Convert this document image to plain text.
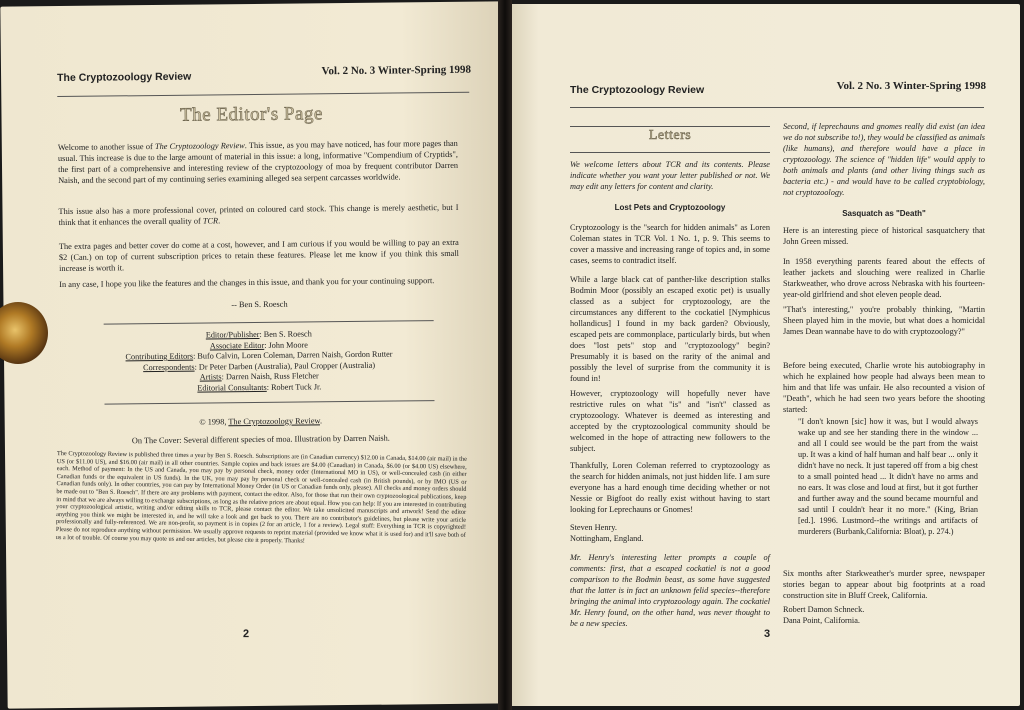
The Cryptozoology Review
Vol. 2 No. 3 Winter-Spring 1998
The Editor's Page
Welcome to another issue of The Cryptozoology Review. This issue, as you may have noticed, has four more pages than usual. This increase is due to the large amount of material in this issue: a long, informative "Compendium of Cryptids", the first part of a comprehensive and interesting review of the cryptozoology of moa by frequent contributor Darren Naish, and the second part of my continuing series examining alleged sea serpent carcasses worldwide.
This issue also has a more professional cover, printed on coloured card stock. This change is merely aesthetic, but I think that it enhances the overall quality of TCR.
The extra pages and better cover do come at a cost, however, and I am curious if you would be willing to pay an extra $2 (Can.) on top of current subscription prices to retain these features. Please let me know if you think this small increase is worth it.
In any case, I hope you like the features and the changes in this issue, and thank you for your continuing support.
-- Ben S. Roesch
Editor/Publisher: Ben S. Roesch
Associate Editor: John Moore
Contributing Editors: Bufo Calvin, Loren Coleman, Darren Naish, Gordon Rutter
Correspondents: Dr Peter Darben (Australia), Paul Cropper (Australia)
Artists: Darren Naish, Russ Fletcher
Editorial Consultants: Robert Tuck Jr.
© 1998, The Cryptozoology Review.
On The Cover: Several different species of moa. Illustration by Darren Naish.
The Cryptozoology Review is published three times a year by Ben S. Roesch. Subscriptions are (in Canadian currency) $12.00 in Canada, $14.00 (air mail) in the US (or $11.00 US), and $16.00 (air mail) in all other countries. Sample copies and back issues are $4.00 (Canadian) in Canada, $6.00 (or $4.00 US) elsewhere, each. Method of payment: In the US and Canada, you may pay by personal check, money order (International MO in US), or well-concealed cash (in either Canadian funds or the equivalent in US funds). In the UK, you may pay by personal check or well-concealed cash (in British pounds), or by IMO (US or Canadian funds only). In other countries, you can pay by International Money Order (in US or Canadian funds only, please). All checks and money orders should be made out to "Ben S. Roesch". If there are any problems with payment, contact the editor. Also, for those that run their own cryptozoological publications, keep in mind that we are always willing to exchange subscriptions, as long as the relative prices are about equal. How you can help: If you are interested in contributing your cryptozoological artistic, writing and/or editing skills to TCR, please contact the editor. We take unsolicited manuscripts and artwork! Send the editor anything you think we might be interested in, and he will take a look and get back to you. There are no contributor's guidelines, but please write your article professionally and fully-referenced. We are non-profit, so payment is in copies (2 for an article, 1 for a review). Legal stuff: Everything in TCR is copyrighted! Please do not reproduce anything without permission. We usually approve requests to reprint material (provided we know what it is used for) and it'll save both of us a lot of trouble. Of course you may quote us and our articles, but please cite it properly. Thanks!
2
The Cryptozoology Review	Vol. 2 No. 3 Winter-Spring 1998
Letters
We welcome letters about TCR and its contents. Please indicate whether you want your letter published or not. We may edit any letters for content and clarity.
Lost Pets and Cryptozoology
Cryptozoology is the "search for hidden animals" as Loren Coleman states in TCR Vol. 1 No. 1, p. 9. This seems to cover a massive and increasing range of topics and, in some cases, seems to contradict itself.
While a large black cat of panther-like description stalks Bodmin Moor (possibly an escaped exotic pet) is usually classed as a subject for cryptozoology, are the circumstances any different to the cockatiel [Nymphicus hollandicus] I found in my back garden? Obviously, escaped pets are commonplace, particularly birds, but when does "lost pets" stop and "cryptozoology" begin? Presumably it is based on the rarity of the animal and possibly the level of surprise from the community it is found in!
However, cryptozoology will hopefully never have restrictive rules on what "is" and "isn't" classed as cryptozoology. Whatever is deemed as interesting and accepted by the cryptozoological community should be welcomed in the hope of attracting new followers to the subject.
Thankfully, Loren Coleman referred to cryptozoology as the search for hidden animals, not just hidden life. I am sure everyone has a hard enough time deciding whether or not Nessie or Bigfoot do really exist without having to start looking for Leprechauns or Gnomes!
Steven Henry.
Nottingham, England.
Mr. Henry's interesting letter prompts a couple of comments: first, that a escaped cockatiel is not a good comparison to the Bodmin beast, as some have suggested that the latter is in fact an unknown felid species--therefore bringing the animal into cryptozoology again. The cockatiel Mr. Henry found, on the other hand, was never thought to be a new species.
Second, if leprechauns and gnomes really did exist (an idea we do not subscribe to!), they would be classified as animals (like humans), and therefore would have a place in cryptozoology. The science of "hidden life" would apply to both animals and plants (and other living things such as bacteria etc.) - and would have to be called cryptobiology, not cryptozoology.
Sasquatch as "Death"
Here is an interesting piece of historical sasquatchery that John Green missed.
In 1958 everything parents feared about the effects of leather jackets and slouching were realized in Charlie Starkweather, who drove across Nebraska with his fourteen-year-old girlfriend and shot eleven people dead.
"That's interesting," you're probably thinking, "Martin Sheen played him in the movie, but what does a homicidal James Dean wannabe have to do with cryptozoology?"
Before being executed, Charlie wrote his autobiography in which he explained how people had always been mean to him and that life was unfair. He also recounted a vision of "Death", which he had seen two years before the shooting started:
"I don't known [sic] how it was, but I would always wake up and see her standing there in the window ... and all I could see would be the part from the waist up. It was a kind of half human and half bear ... only it didn't have no neck. It just tapered off from a big chest to a small pointed head ... It didn't have no arms and no ears. It was close and loud at first, but it got further and further away and the sound became mournful and sad until I couldn't hear it no more." (King, Brian [ed.]. 1996. Lustmord--the writings and artifacts of murderers (Burbank,California: Bloat), p. 274.)
Six months after Starkweather's murder spree, newspaper stories began to appear about big footprints at a road construction site in Bluff Creek, California.
Robert Damon Schneck.
Dana Point, California.
3
